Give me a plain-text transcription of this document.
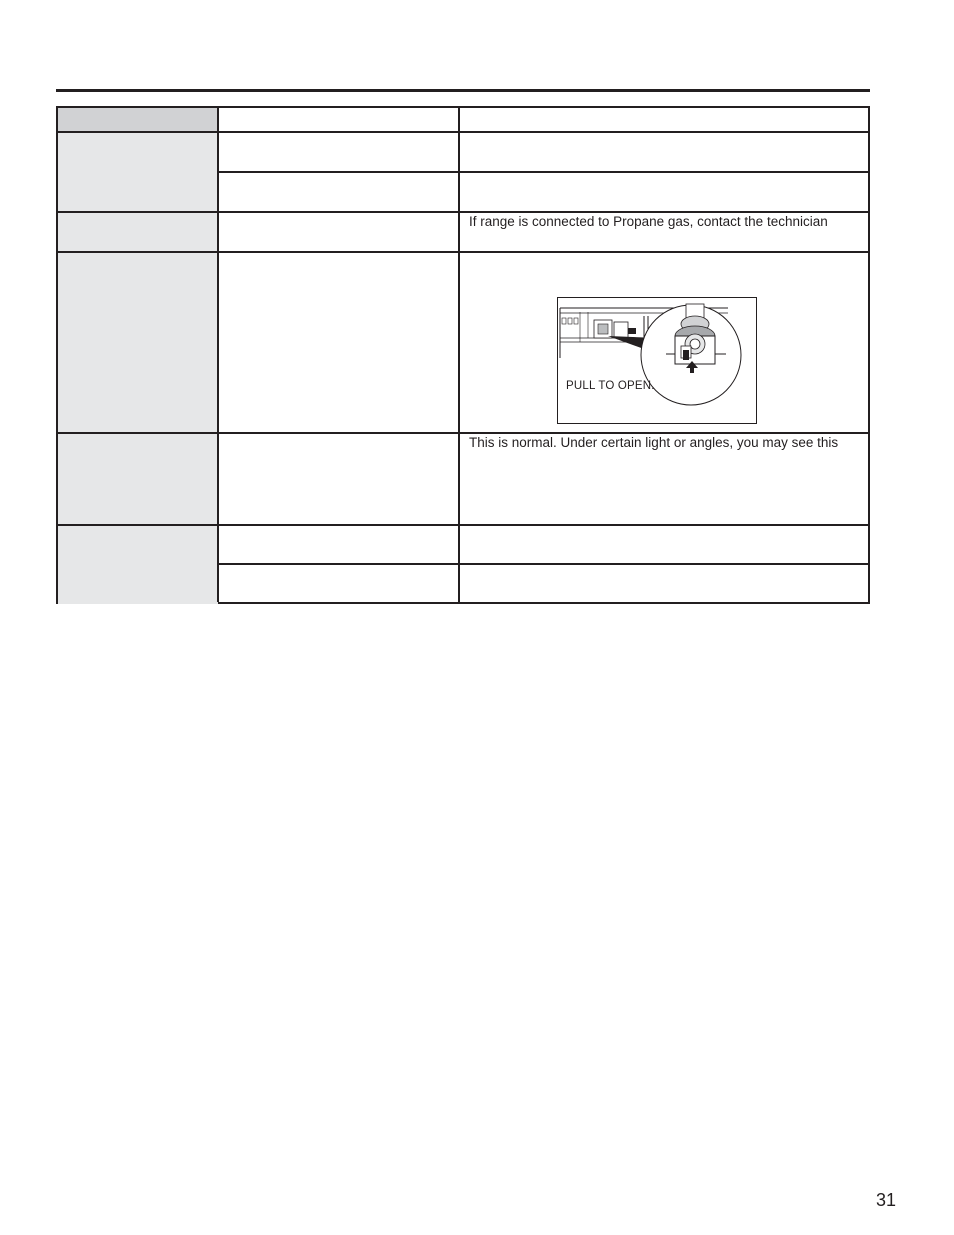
If range is connected to Propane gas, contact the technician
This is normal. Under certain light or angles, you may see this
PULL TO OPEN.
31
